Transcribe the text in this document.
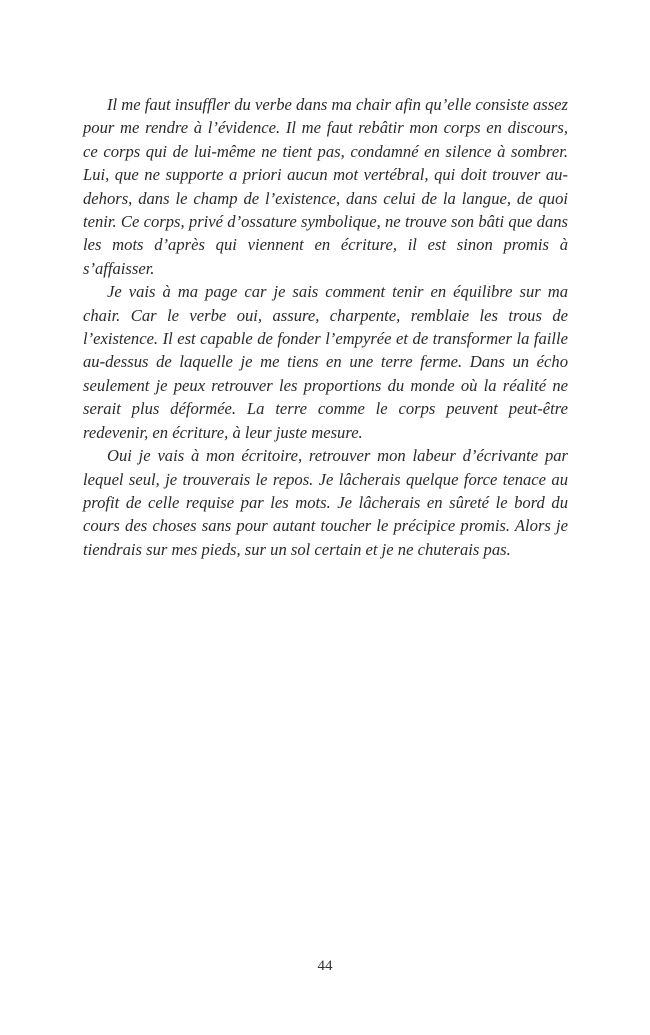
Il me faut insuffler du verbe dans ma chair afin qu’elle consiste assez pour me rendre à l’évidence. Il me faut rebâtir mon corps en discours, ce corps qui de lui-même ne tient pas, condamné en silence à sombrer. Lui, que ne supporte a priori aucun mot vertébral, qui doit trouver au-dehors, dans le champ de l’existence, dans celui de la langue, de quoi tenir. Ce corps, privé d’ossature symbolique, ne trouve son bâti que dans les mots d’après qui viennent en écriture, il est sinon promis à s’affaisser.

Je vais à ma page car je sais comment tenir en équilibre sur ma chair. Car le verbe oui, assure, charpente, remblaie les trous de l’existence. Il est capable de fonder l’empyrée et de transformer la faille au-dessus de laquelle je me tiens en une terre ferme. Dans un écho seulement je peux retrouver les proportions du monde où la réalité ne serait plus déformée. La terre comme le corps peuvent peut-être redevenir, en écriture, à leur juste mesure.

Oui je vais à mon écritoire, retrouver mon labeur d’écrivante par lequel seul, je trouverais le repos. Je lâcherais quelque force tenace au profit de celle requise par les mots. Je lâcherais en sûreté le bord du cours des choses sans pour autant toucher le précipice promis. Alors je tiendrais sur mes pieds, sur un sol certain et je ne chuterais pas.

44
